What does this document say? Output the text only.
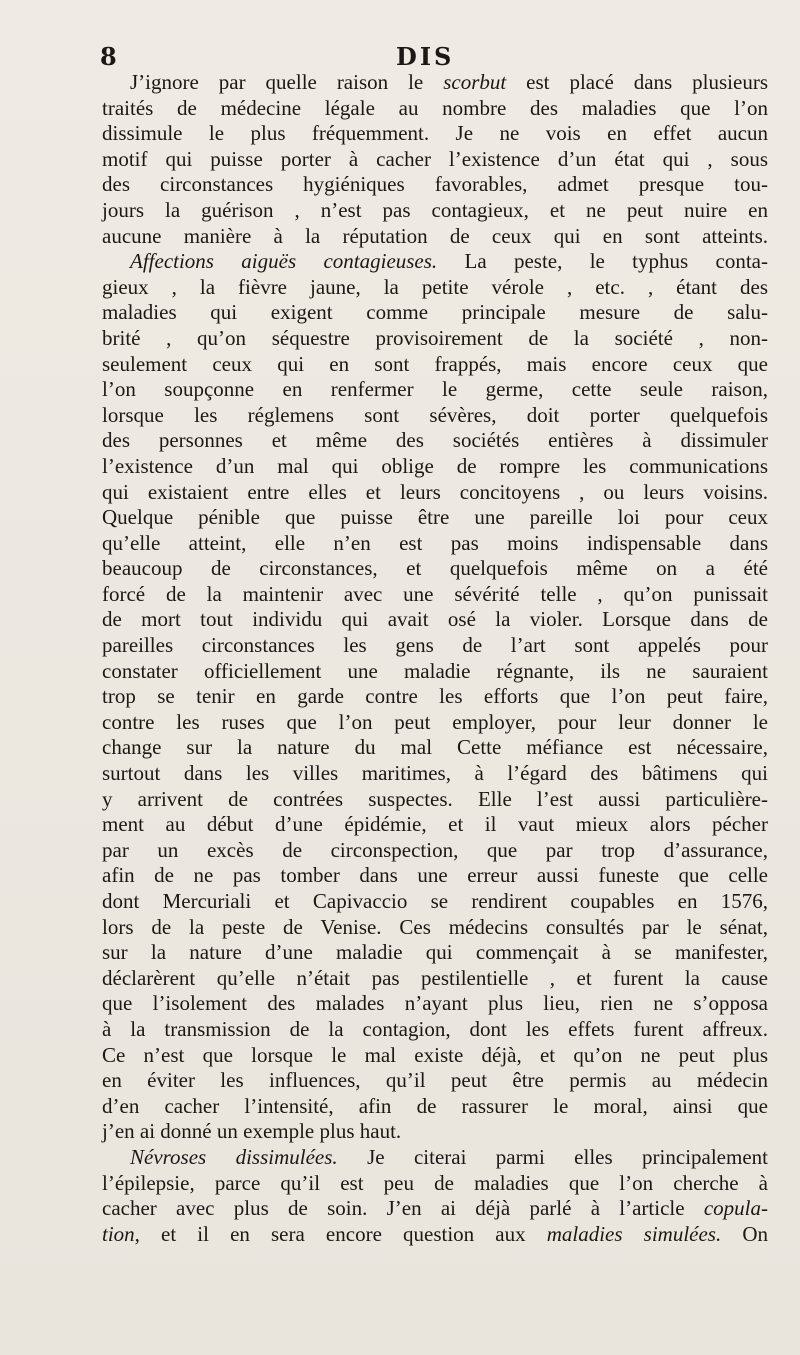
8	DIS
J’ignore par quelle raison le scorbut est placé dans plusieurs
traités de médecine légale au nombre des maladies que l’on
dissimule le plus fréquemment. Je ne vois en effet aucun
motif qui puisse porter à cacher l’existence d’un état qui , sous
des circonstances hygiéniques favorables, admet presque tou-
jours la guérison , n’est pas contagieux, et ne peut nuire en
aucune manière à la réputation de ceux qui en sont atteints.
Affections aiguës contagieuses. La peste, le typhus conta-
gieux , la fièvre jaune, la petite vérole , etc. , étant des
maladies qui exigent comme principale mesure de salu-
brité , qu’on séquestre provisoirement de la société , non-
seulement ceux qui en sont frappés, mais encore ceux que
l’on soupçonne en renfermer le germe, cette seule raison,
lorsque les réglemens sont sévères, doit porter quelquefois
des personnes et même des sociétés entières à dissimuler
l’existence d’un mal qui oblige de rompre les communications
qui existaient entre elles et leurs concitoyens , ou leurs voisins.
Quelque pénible que puisse être une pareille loi pour ceux
qu’elle atteint, elle n’en est pas moins indispensable dans
beaucoup de circonstances, et quelquefois même on a été
forcé de la maintenir avec une sévérité telle , qu’on punissait
de mort tout individu qui avait osé la violer. Lorsque dans de
pareilles circonstances les gens de l’art sont appelés pour
constater officiellement une maladie régnante, ils ne sauraient
trop se tenir en garde contre les efforts que l’on peut faire,
contre les ruses que l’on peut employer, pour leur donner le
change sur la nature du mal Cette méfiance est nécessaire,
surtout dans les villes maritimes, à l’égard des bâtimens qui
y arrivent de contrées suspectes. Elle l’est aussi particulière-
ment au début d’une épidémie, et il vaut mieux alors pécher
par un excès de circonspection, que par trop d’assurance,
afin de ne pas tomber dans une erreur aussi funeste que celle
dont Mercuriali et Capivaccio se rendirent coupables en 1576,
lors de la peste de Venise. Ces médecins consultés par le sénat,
sur la nature d’une maladie qui commençait à se manifester,
déclarèrent qu’elle n’était pas pestilentielle , et furent la cause
que l’isolement des malades n’ayant plus lieu, rien ne s’opposa
à la transmission de la contagion, dont les effets furent affreux.
Ce n’est que lorsque le mal existe déjà, et qu’on ne peut plus
en éviter les influences, qu’il peut être permis au médecin
d’en cacher l’intensité, afin de rassurer le moral, ainsi que
j’en ai donné un exemple plus haut.
Névroses dissimulées. Je citerai parmi elles principalement
l’épilepsie, parce qu’il est peu de maladies que l’on cherche à
cacher avec plus de soin. J’en ai déjà parlé à l’article copula-
tion, et il en sera encore question aux maladies simulées. On
